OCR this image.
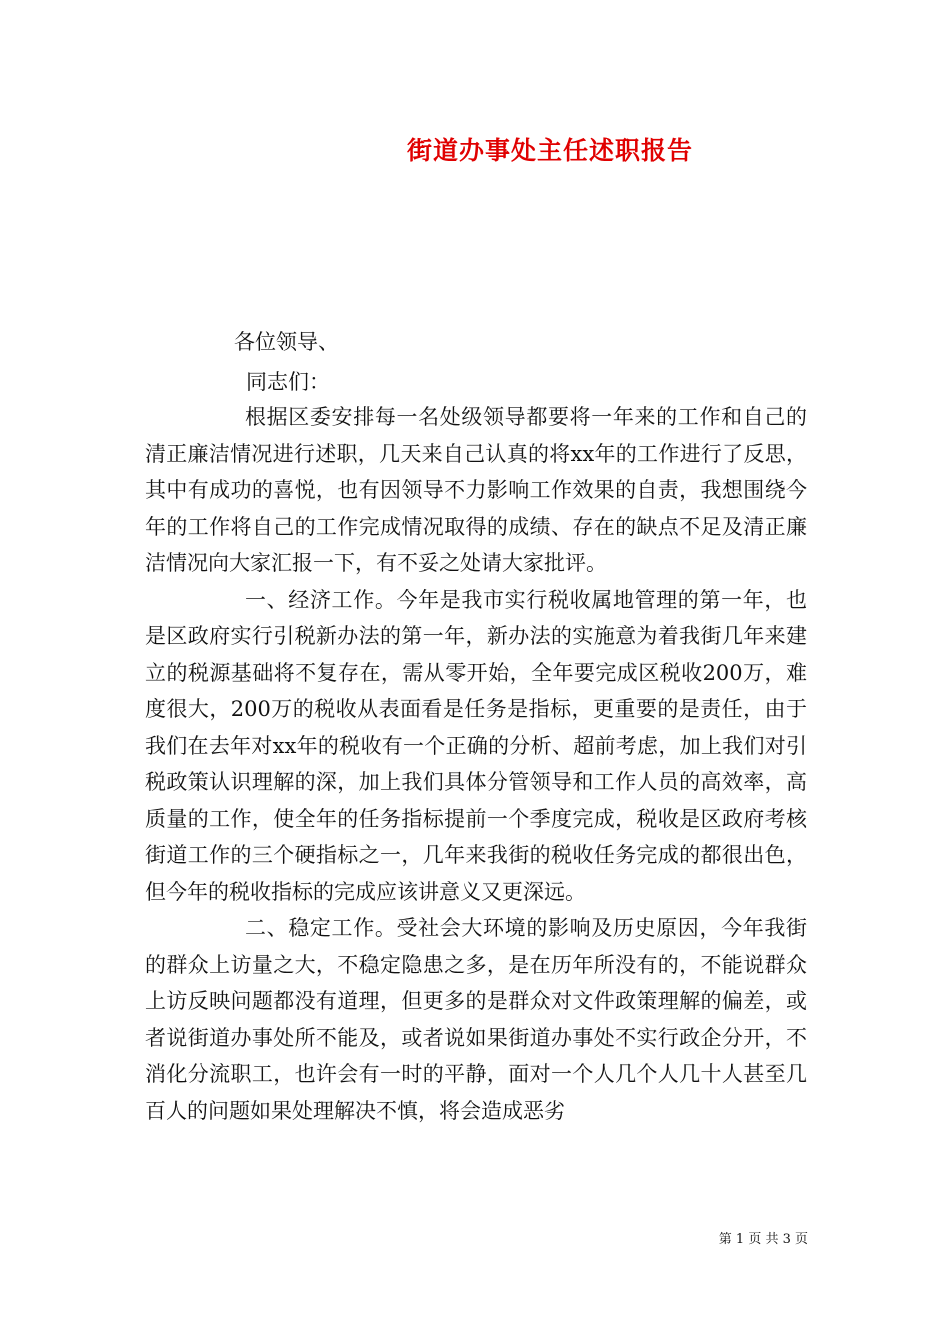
街道办事处主任述职报告
各位领导、
同志们：

根据区委安排每一名处级领导都要将一年来的工作和自己的清正廉洁情况进行述职，几天来自己认真的将xx年的工作进行了反思，其中有成功的喜悦，也有因领导不力影响工作效果的自责，我想围绕今年的工作将自己的工作完成情况取得的成绩、存在的缺点不足及清正廉洁情况向大家汇报一下，有不妥之处请大家批评。

一、经济工作。今年是我市实行税收属地管理的第一年，也是区政府实行引税新办法的第一年，新办法的实施意为着我街几年来建立的税源基础将不复存在，需从零开始，全年要完成区税收200万，难度很大，200万的税收从表面看是任务是指标，更重要的是责任，由于我们在去年对xx年的税收有一个正确的分析、超前考虑，加上我们对引税政策认识理解的深，加上我们具体分管领导和工作人员的高效率，高质量的工作，使全年的任务指标提前一个季度完成，税收是区政府考核街道工作的三个硬指标之一，几年来我街的税收任务完成的都很出色，但今年的税收指标的完成应该讲意义又更深远。

二、稳定工作。受社会大环境的影响及历史原因，今年我街的群众上访量之大，不稳定隐患之多，是在历年所没有的，不能说群众上访反映问题都没有道理，但更多的是群众对文件政策理解的偏差，或者说街道办事处所不能及，或者说如果街道办事处不实行政企分开，不消化分流职工，也许会有一时的平静，面对一个人几个人几十人甚至几百人的问题如果处理解决不慎，将会造成恶劣

第 1 页 共 3 页
